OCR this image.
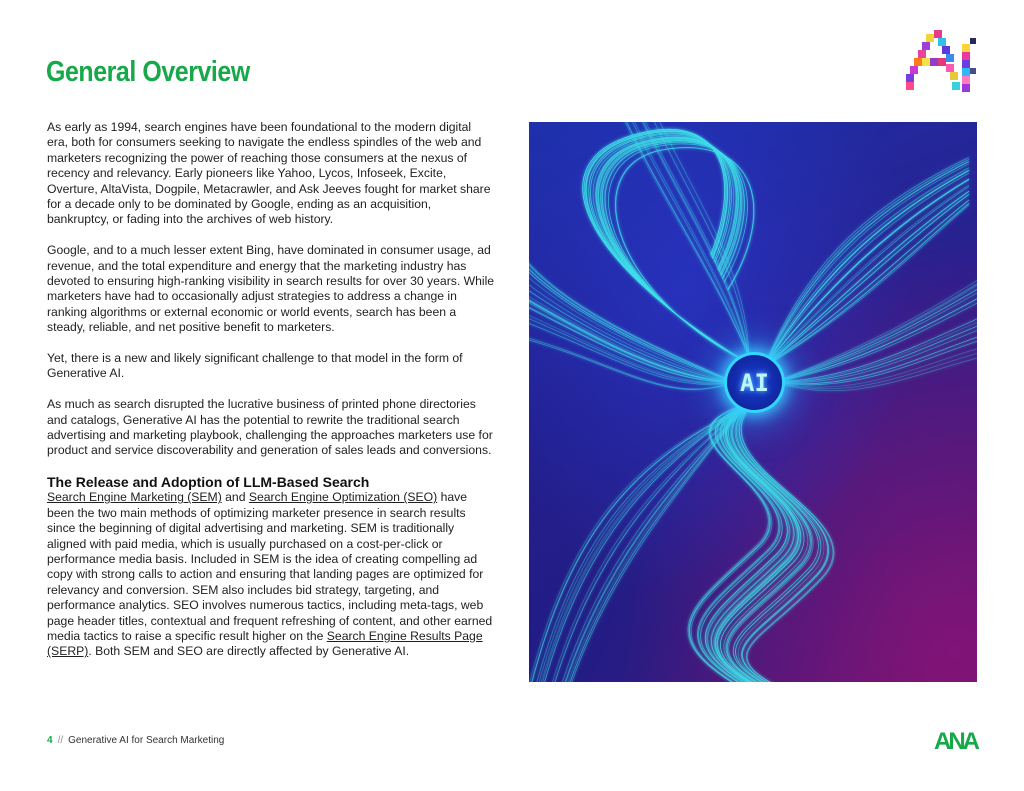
General Overview

As early as 1994, search engines have been foundational to the modern digital era, both for consumers seeking to navigate the endless spindles of the web and marketers recognizing the power of reaching those consumers at the nexus of recency and relevancy. Early pioneers like Yahoo, Lycos, Infoseek, Excite, Overture, AltaVista, Dogpile, Metacrawler, and Ask Jeeves fought for market share for a decade only to be dominated by Google, ending as an acquisition, bankruptcy, or fading into the archives of web history.

Google, and to a much lesser extent Bing, have dominated in consumer usage, ad revenue, and the total expenditure and energy that the marketing industry has devoted to ensuring high-ranking visibility in search results for over 30 years. While marketers have had to occasionally adjust strategies to address a change in ranking algorithms or external economic or world events, search has been a steady, reliable, and net positive benefit to marketers.

Yet, there is a new and likely significant challenge to that model in the form of Generative AI.

As much as search disrupted the lucrative business of printed phone directories and catalogs, Generative AI has the potential to rewrite the traditional search advertising and marketing playbook, challenging the approaches marketers use for product and service discoverability and generation of sales leads and conversions.

The Release and Adoption of LLM-Based Search

Search Engine Marketing (SEM) and Search Engine Optimization (SEO) have been the two main methods of optimizing marketer presence in search results since the beginning of digital advertising and marketing. SEM is traditionally aligned with paid media, which is usually purchased on a cost-per-click or performance media basis. Included in SEM is the idea of creating compelling ad copy with strong calls to action and ensuring that landing pages are optimized for relevancy and conversion. SEM also includes bid strategy, targeting, and performance analytics. SEO involves numerous tactics, including meta-tags, web page header titles, contextual and frequent refreshing of content, and other earned media tactics to raise a specific result higher on the Search Engine Results Page (SERP). Both SEM and SEO are directly affected by Generative AI.

AI
4 // Generative AI for Search Marketing	ANA
